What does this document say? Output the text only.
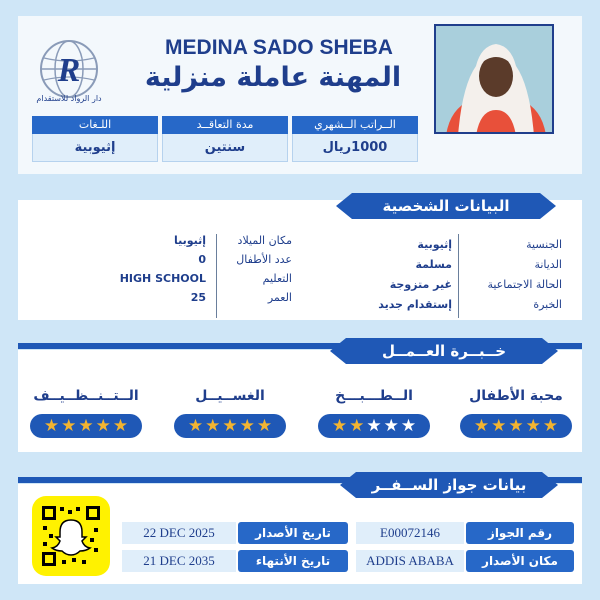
R
دار الرواد للاستقدام
MEDINA SADO SHEBA
المهنة عاملة منزلية
اللـغات
إثيوبية
مدة التعاقــد
سنتين
الــراتب الــشهري
1000ريال
الجنسية
الديانة
الحالة الاجتماعية
الخبرة
إثيوبية
مسلمة
غير متزوجة
إستقدام جديد
مكان الميلاد
عدد الأطفال
التعليم
العمر
إثيوبيا
0
HIGH SCHOOL
25
البيانات الشخصية
محبة الأطفال
★ ★ ★ ★ ★
الــطـــبـــخ
★ ★ ★ ★ ★
الغســيــل
★ ★ ★ ★ ★
الــتــنــظــيــف
★ ★ ★ ★ ★
خــبــرة العــمــل
رقم الجواز
E00072146
تاريخ الأصدار
22 DEC 2025
مكان الأصدار
ADDIS ABABA
تاريخ الأنتهاء
21 DEC 2035
بيانات جواز الســفــر
